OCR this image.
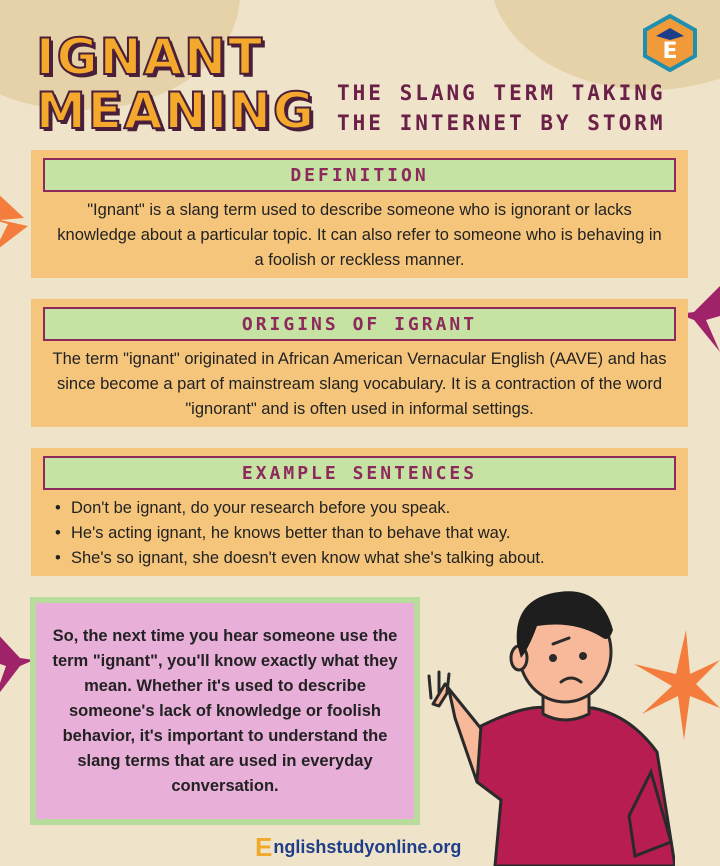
IGNANT
MEANING	THE SLANG TERM TAKING
THE INTERNET BY STORM
E
DEFINITION
"Ignant" is a slang term used to describe someone who is ignorant or lacks knowledge about a particular topic. It can also refer to someone who is behaving in a foolish or reckless manner.
ORIGINS OF IGRANT
The term "ignant" originated in African American Vernacular English (AAVE) and has since become a part of mainstream slang vocabulary. It is a contraction of the word "ignorant" and is often used in informal settings.
EXAMPLE SENTENCES
• Don't be ignant, do your research before you speak.
• He's acting ignant, he knows better than to behave that way.
• She's so ignant, she doesn't even know what she's talking about.

So, the next time you hear someone use the term "ignant", you'll know exactly what they mean. Whether it's used to describe someone's lack of knowledge or foolish behavior, it's important to understand the slang terms that are used in everyday conversation.

E nglishstudyonline.org
